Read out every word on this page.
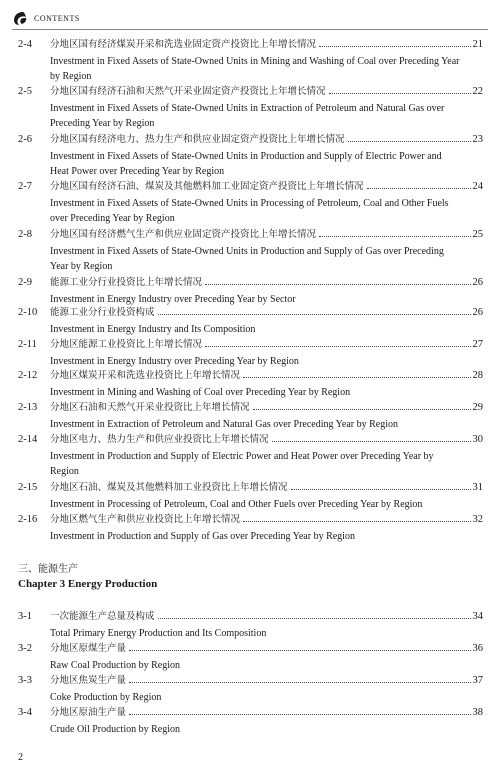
CONTENTS
2-4 分地区国有经济煤炭开采和洗选业固定资产投资比上年增长情况	21
Investment in Fixed Assets of State-Owned Units in Mining and Washing of Coal over Preceding Year by Region
2-5 分地区国有经济石油和天然气开采业固定资产投资比上年增长情况	22
Investment in Fixed Assets of State-Owned Units in Extraction of Petroleum and Natural Gas over Preceding Year by Region
2-6 分地区国有经济电力、热力生产和供应业固定资产投资比上年增长情况	23
Investment in Fixed Assets of State-Owned Units in Production and Supply of Electric Power and Heat Power over Preceding Year by Region
2-7 分地区国有经济石油、煤炭及其他燃料加工业固定资产投资比上年增长情况	24
Investment in Fixed Assets of State-Owned Units in Processing of Petroleum, Coal and Other Fuels over Preceding Year by Region
2-8 分地区国有经济燃气生产和供应业固定资产投资比上年增长情况	25
Investment in Fixed Assets of State-Owned Units in Production and Supply of Gas over Preceding Year by Region
2-9 能源工业分行业投资比上年增长情况	26
Investment in Energy Industry over Preceding Year by Sector
2-10 能源工业分行业投资构成	26
Investment in Energy Industry and Its Composition
2-11 分地区能源工业投资比上年增长情况	27
Investment in Energy Industry over Preceding Year by Region
2-12 分地区煤炭开采和洗选业投资比上年增长情况	28
Investment in Mining and Washing of Coal over Preceding Year by Region
2-13 分地区石油和天然气开采业投资比上年增长情况	29
Investment in Extraction of Petroleum and Natural Gas over Preceding Year by Region
2-14 分地区电力、热力生产和供应业投资比上年增长情况	30
Investment in Production and Supply of Electric Power and Heat Power over Preceding Year by Region
2-15 分地区石油、煤炭及其他燃料加工业投资比上年增长情况	31
Investment in Processing of Petroleum, Coal and Other Fuels over Preceding Year by Region
2-16 分地区燃气生产和供应业投资比上年增长情况	32
Investment in Production and Supply of Gas over Preceding Year by Region
三、能源生产
Chapter 3 Energy Production
3-1 一次能源生产总量及构成	34
Total Primary Energy Production and Its Composition
3-2 分地区原煤生产量	36
Raw Coal Production by Region
3-3 分地区焦炭生产量	37
Coke Production by Region
3-4 分地区原油生产量	38
Crude Oil Production by Region
2
